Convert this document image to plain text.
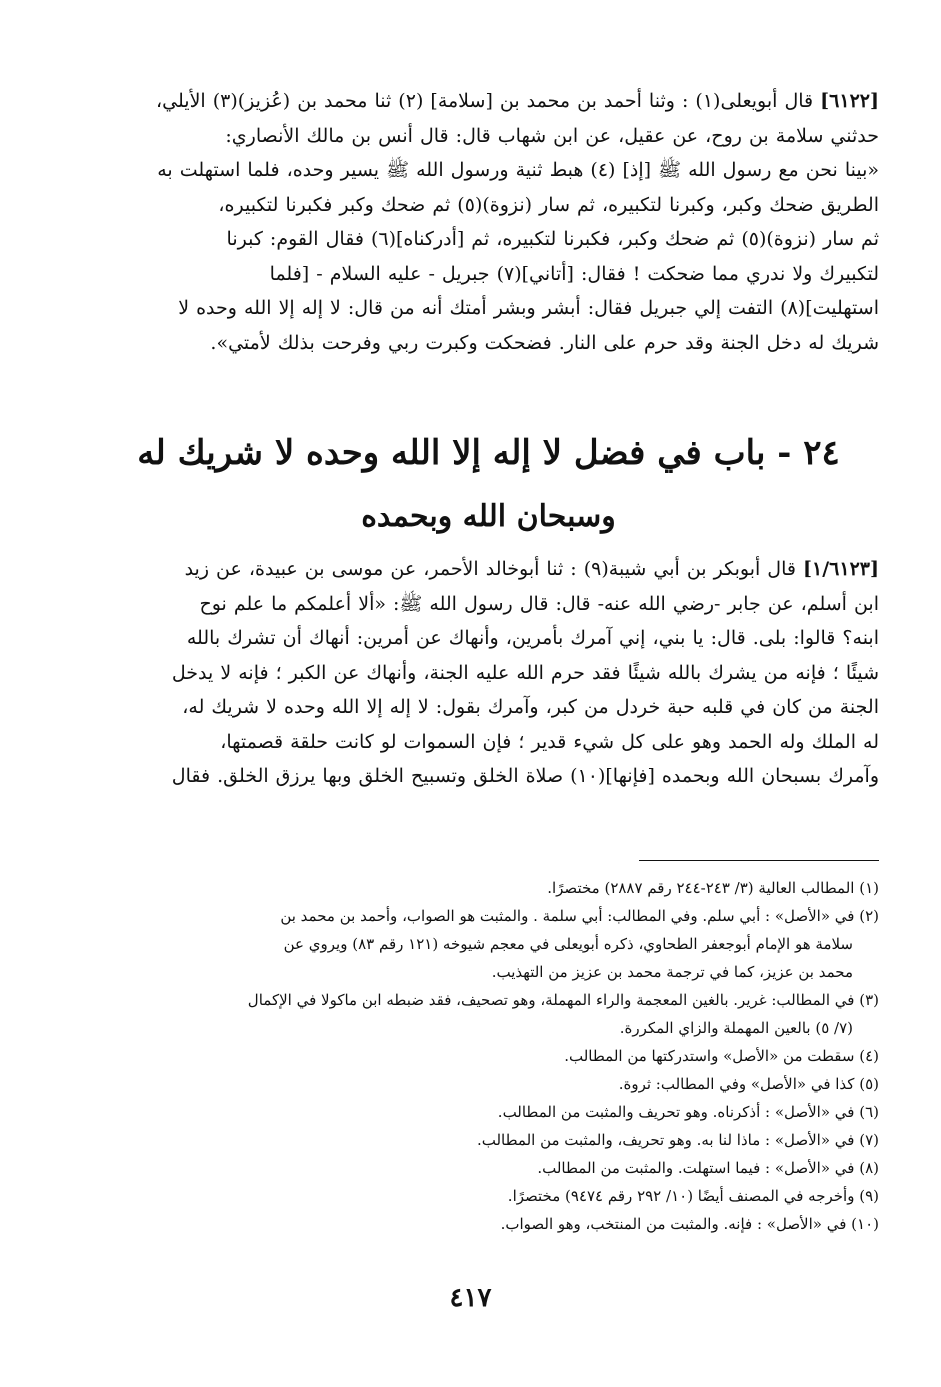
[٦١٢٢] قال أبويعلى(١) : وثنا أحمد بن محمد بن [سلامة] (٢) ثنا محمد بن (عُزيز)(٣) الأيلي،

حدثني سلامة بن روح، عن عقيل، عن ابن شهاب قال: قال أنس بن مالك الأنصاري:

«بينا نحن مع رسول الله ﷺ [إذ] (٤) هبط ثنية ورسول الله ﷺ يسير وحده، فلما استهلت به

الطريق ضحك وكبر، وكبرنا لتكبيره، ثم سار (نزوة)(٥) ثم ضحك وكبر فكبرنا لتكبيره،

ثم سار (نزوة)(٥) ثم ضحك وكبر، فكبرنا لتكبيره، ثم [أدركناه](٦) فقال القوم: كبرنا

لتكبيرك ولا ندري مما ضحكت ! فقال: [أتاني](٧) جبريل - عليه السلام - [فلما

استهليت](٨) التفت إلي جبريل فقال: أبشر وبشر أمتك أنه من قال: لا إله إلا الله وحده لا

شريك له دخل الجنة وقد حرم على النار. فضحكت وكبرت ربي وفرحت بذلك لأمتي».

٢٤ - باب في فضل لا إله إلا الله وحده لا شريك له
وسبحان الله وبحمده

[١/٦١٢٣] قال أبوبكر بن أبي شيبة(٩) : ثنا أبوخالد الأحمر، عن موسى بن عبيدة، عن زيد

ابن أسلم، عن جابر -رضي الله عنه- قال: قال رسول الله ﷺ: «ألا أعلمكم ما علم نوح

ابنه؟ قالوا: بلى. قال: يا بني، إني آمرك بأمرين، وأنهاك عن أمرين: أنهاك أن تشرك بالله

شيئًا ؛ فإنه من يشرك بالله شيئًا فقد حرم الله عليه الجنة، وأنهاك عن الكبر ؛ فإنه لا يدخل

الجنة من كان في قلبه حبة خردل من كبر، وآمرك بقول: لا إله إلا الله وحده لا شريك له،

له الملك وله الحمد وهو على كل شيء قدير ؛ فإن السموات لو كانت حلقة قصمتها،

وآمرك بسبحان الله وبحمده [فإنها](١٠) صلاة الخلق وتسبيح الخلق وبها يرزق الخلق. فقال

(١) المطالب العالية (٣/ ٢٤٣-٢٤٤ رقم ٢٨٨٧) مختصرًا.

(٢) في «الأصل» : أبي سلم. وفي المطالب: أبي سلمة . والمثبت هو الصواب، وأحمد بن محمد بن
سلامة هو الإمام أبوجعفر الطحاوي، ذكره أبويعلى في معجم شيوخه (١٢١ رقم ٨٣) ويروي عن
محمد بن عزيز، كما في ترجمة محمد بن عزيز من التهذيب.

(٣) في المطالب: غرير. بالغين المعجمة والراء المهملة، وهو تصحيف، فقد ضبطه ابن ماكولا في الإكمال
(٧/ ٥) بالعين المهملة والزاي المكررة.

(٤) سقطت من «الأصل» واستدركتها من المطالب.

(٥) كذا في «الأصل» وفي المطالب: ثروة.

(٦) في «الأصل» : أذكرناه. وهو تحريف والمثبت من المطالب.

(٧) في «الأصل» : ماذا لنا به. وهو تحريف، والمثبت من المطالب.

(٨) في «الأصل» : فيما استهلت. والمثبت من المطالب.

(٩) وأخرجه في المصنف أيضًا (١٠/ ٢٩٢ رقم ٩٤٧٤) مختصرًا.

(١٠) في «الأصل» : فإنه. والمثبت من المنتخب، وهو الصواب.

٤١٧
